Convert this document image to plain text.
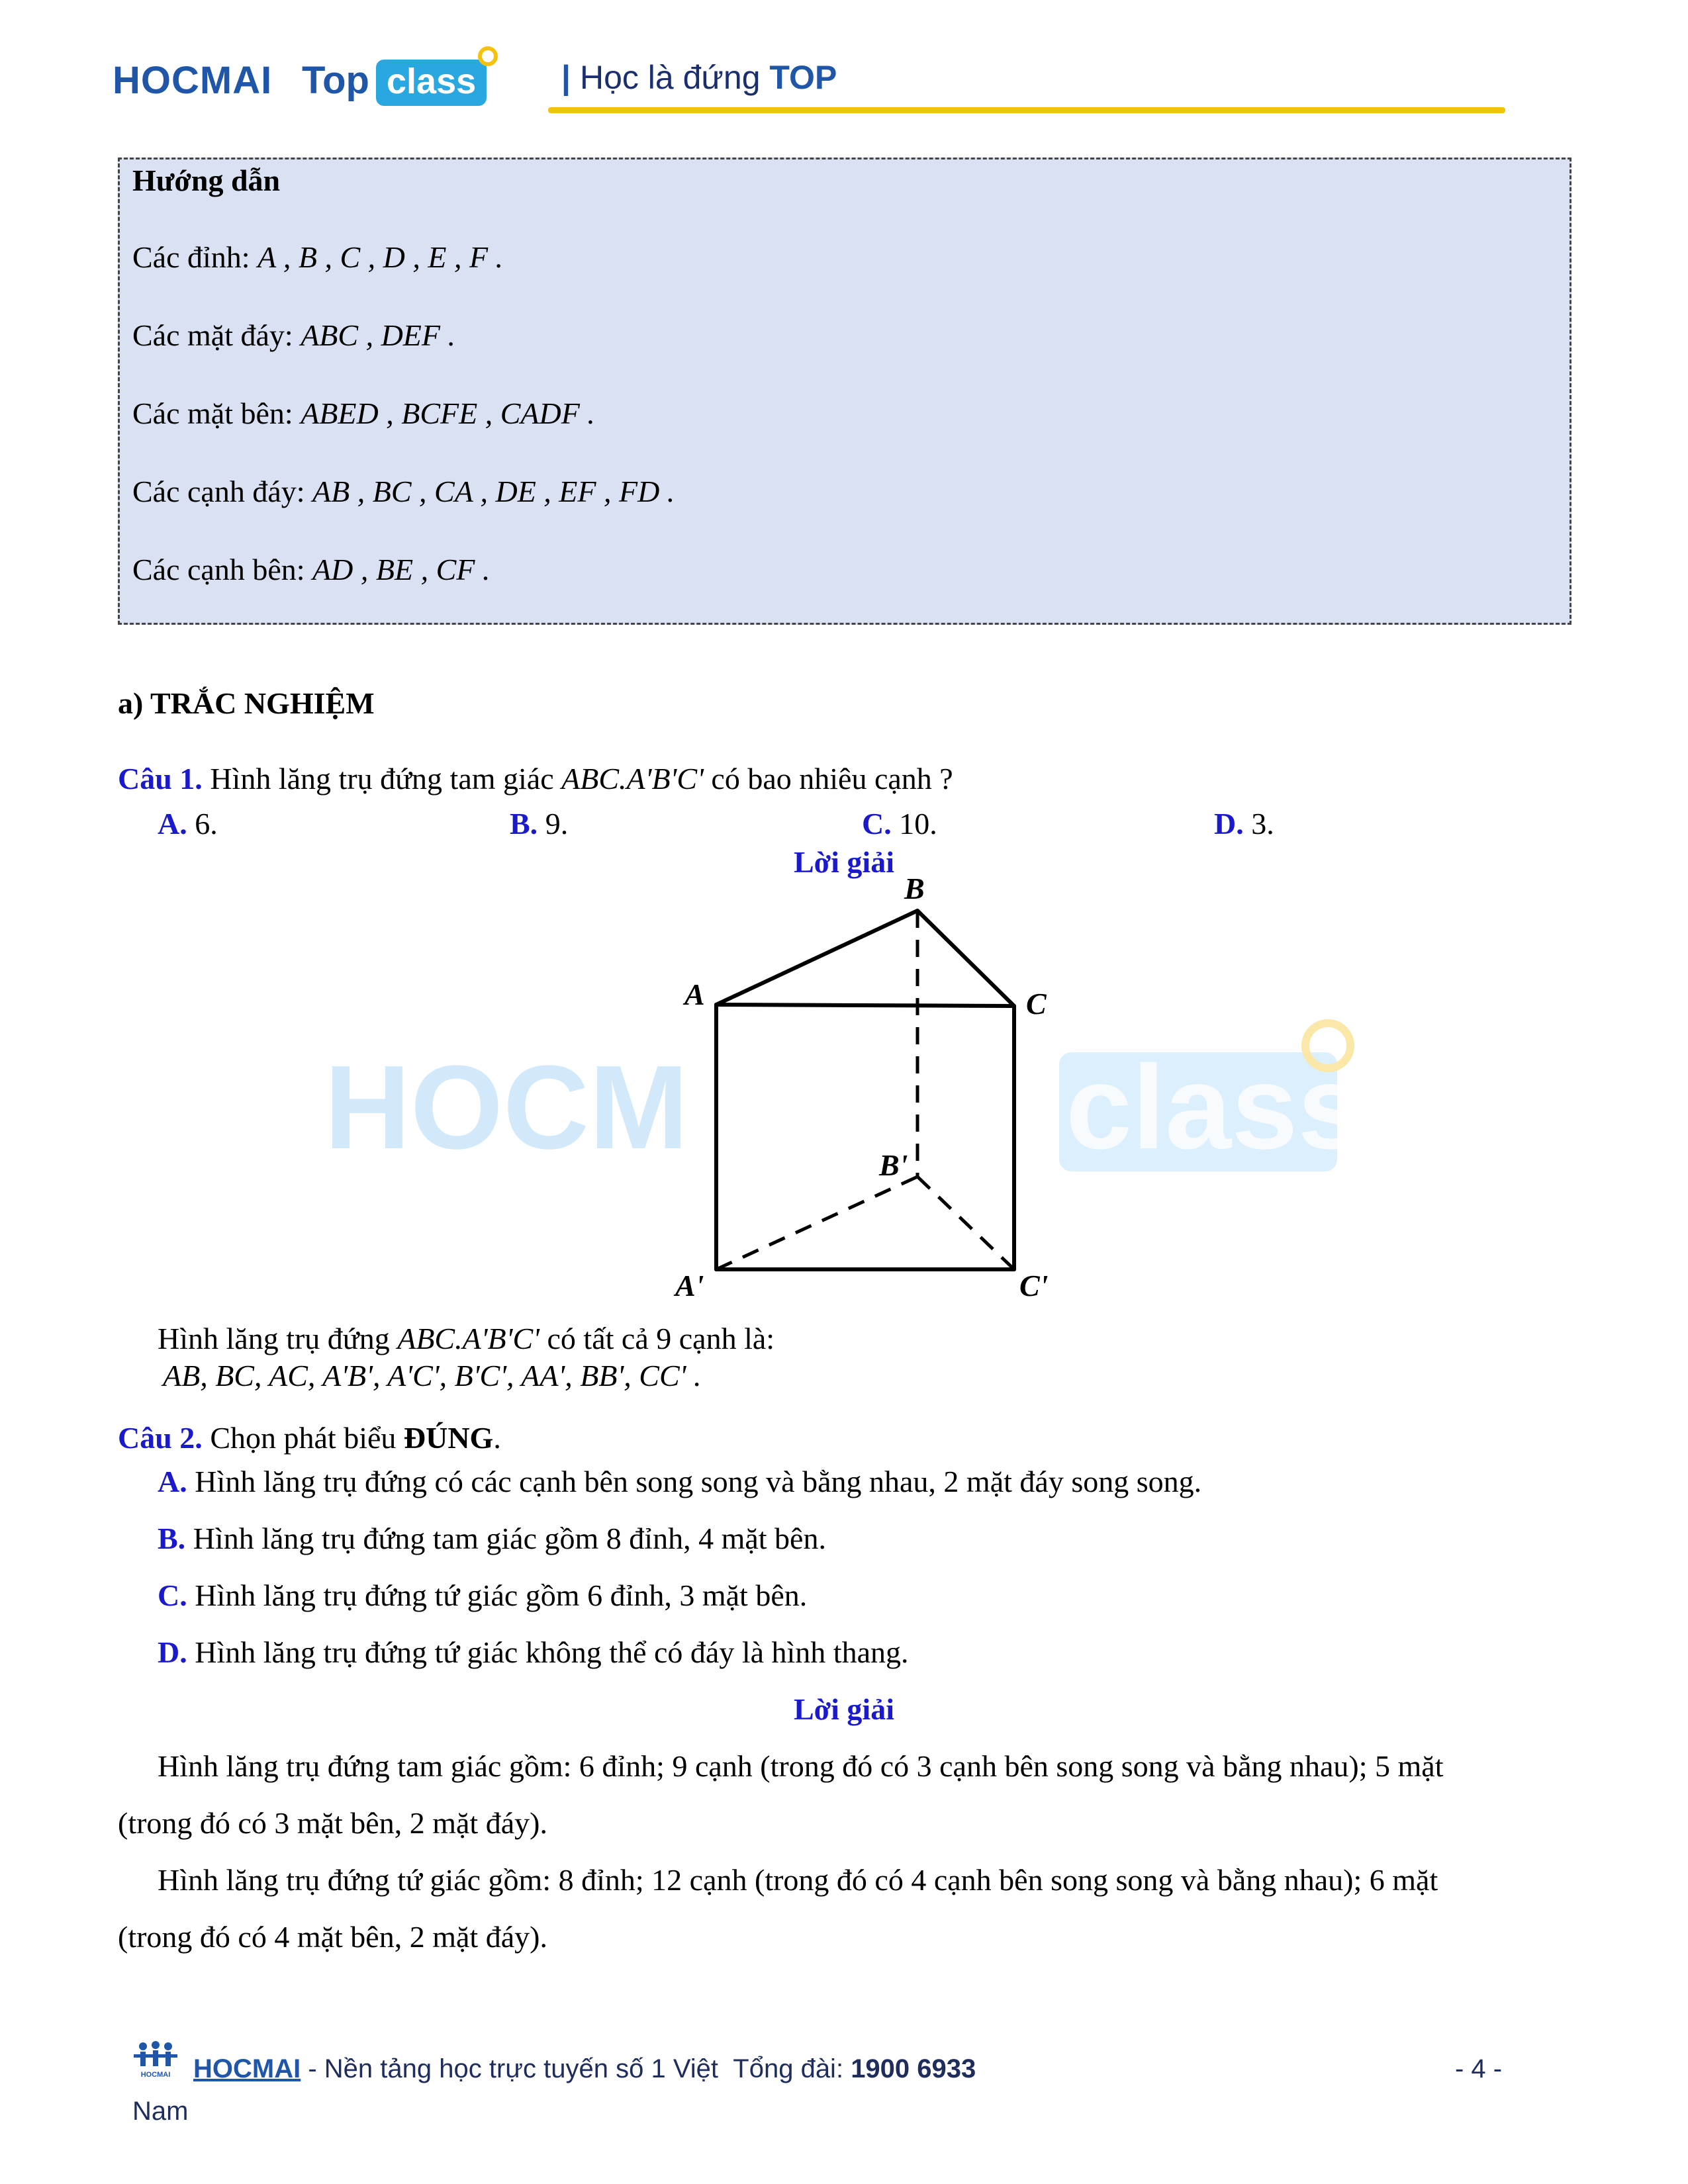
HOCMAI Top class	| Học là đứng TOP
Hướng dẫn
Các đỉnh: A , B , C , D , E , F .
Các mặt đáy: ABC , DEF .
Các mặt bên: ABED , BCFE , CADF .
Các cạnh đáy: AB , BC , CA , DE , EF , FD .
Các cạnh bên: AD , BE , CF .
a) TRẮC NGHIỆM
Câu 1. Hình lăng trụ đứng tam giác ABC.A'B'C' có bao nhiêu cạnh ?
A. 6.	B. 9.	C. 10.	D. 3.
Lời giải
HOCM	class
B
A	C
B'
A'	C'
Hình lăng trụ đứng ABC.A'B'C' có tất cả 9 cạnh là:
AB, BC, AC, A'B', A'C', B'C', AA', BB', CC' .
Câu 2. Chọn phát biểu ĐÚNG.
A. Hình lăng trụ đứng có các cạnh bên song song và bằng nhau, 2 mặt đáy song song.
B. Hình lăng trụ đứng tam giác gồm 8 đỉnh, 4 mặt bên.
C. Hình lăng trụ đứng tứ giác gồm 6 đỉnh, 3 mặt bên.
D. Hình lăng trụ đứng tứ giác không thể có đáy là hình thang.
Lời giải
Hình lăng trụ đứng tam giác gồm: 6 đỉnh; 9 cạnh (trong đó có 3 cạnh bên song song và bằng nhau); 5 mặt
(trong đó có 3 mặt bên, 2 mặt đáy).
Hình lăng trụ đứng tứ giác gồm: 8 đỉnh; 12 cạnh (trong đó có 4 cạnh bên song song và bằng nhau); 6 mặt
(trong đó có 4 mặt bên, 2 mặt đáy).
HOCMAI HOCMAI - Nền tảng học trực tuyến số 1 Việt Tổng đài: 1900 6933	- 4 -
Nam
